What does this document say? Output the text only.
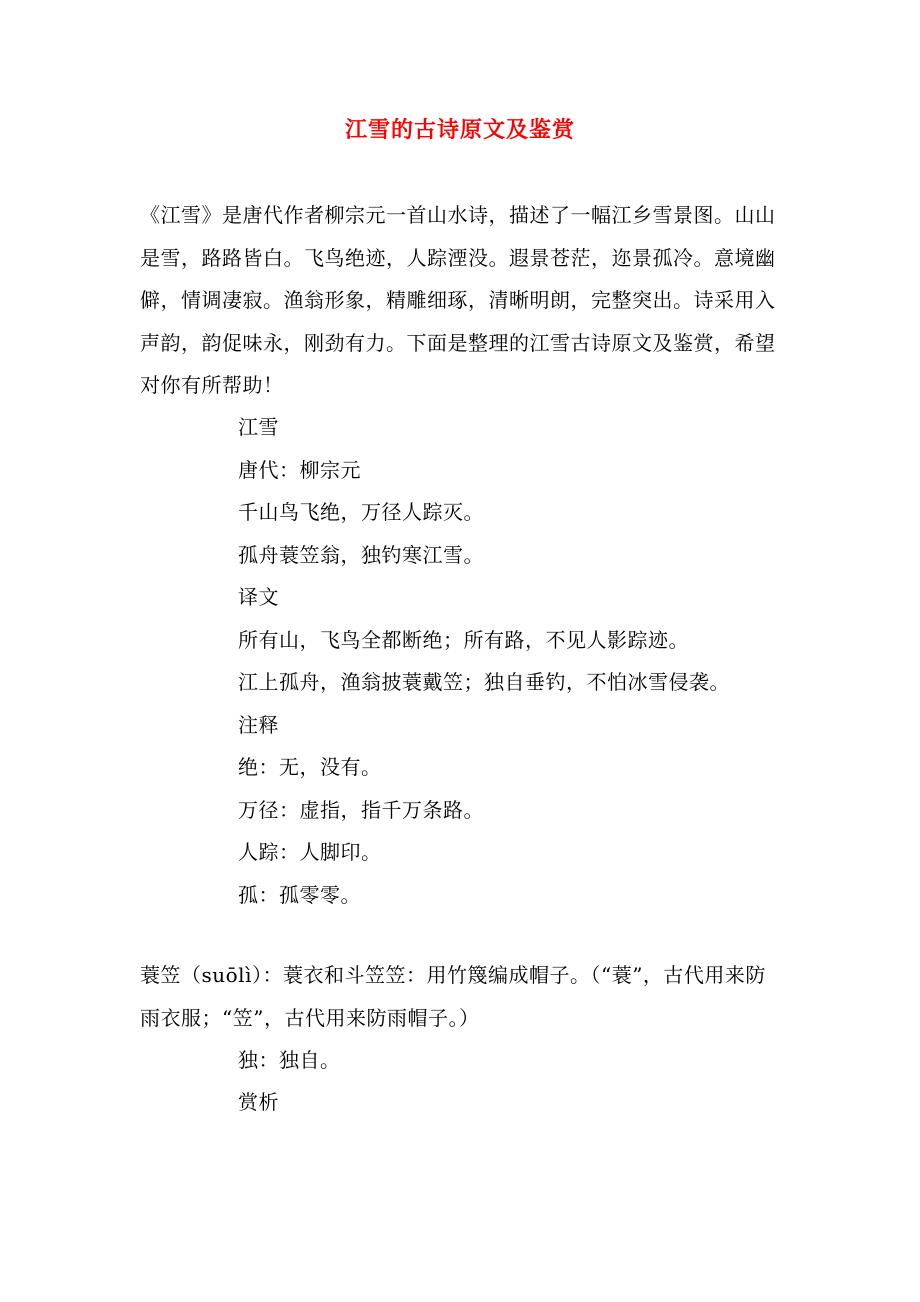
江雪的古诗原文及鉴赏

《江雪》是唐代作者柳宗元一首山水诗，描述了一幅江乡雪景图。山山是雪，路路皆白。飞鸟绝迹，人踪湮没。遐景苍茫，迩景孤冷。意境幽僻，情调凄寂。渔翁形象，精雕细琢，清晰明朗，完整突出。诗采用入声韵，韵促味永，刚劲有力。下面是整理的江雪古诗原文及鉴赏，希望对你有所帮助！

江雪

唐代：柳宗元

千山鸟飞绝，万径人踪灭。

孤舟蓑笠翁，独钓寒江雪。

译文

所有山，飞鸟全都断绝；所有路，不见人影踪迹。

江上孤舟，渔翁披蓑戴笠；独自垂钓，不怕冰雪侵袭。

注释

绝：无，没有。

万径：虚指，指千万条路。

人踪：人脚印。

孤：孤零零。

蓑笠（suōlì）：蓑衣和斗笠笠：用竹篾编成帽子。（“蓑”，古代用来防雨衣服；“笠”，古代用来防雨帽子。）

独：独自。

赏析
